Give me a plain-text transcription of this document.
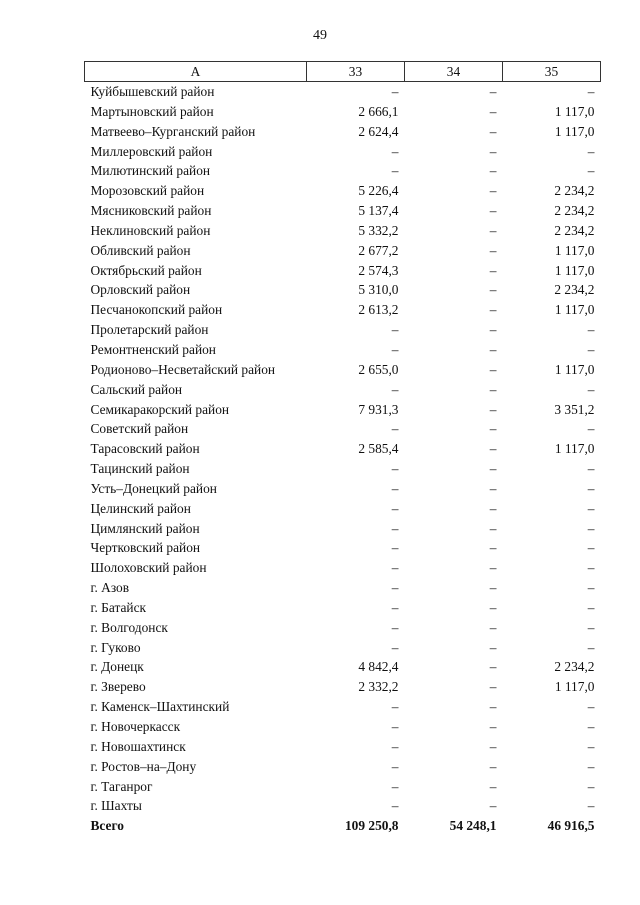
49
А	33	34	35
Куйбышевский район	–	–	–
Мартыновский район	2 666,1	–	1 117,0
Матвеево–Курганский район	2 624,4	–	1 117,0
Миллеровский район	–	–	–
Милютинский район	–	–	–
Морозовский район	5 226,4	–	2 234,2
Мясниковский район	5 137,4	–	2 234,2
Неклиновский район	5 332,2	–	2 234,2
Обливский район	2 677,2	–	1 117,0
Октябрьский район	2 574,3	–	1 117,0
Орловский район	5 310,0	–	2 234,2
Песчанокопский район	2 613,2	–	1 117,0
Пролетарский район	–	–	–
Ремонтненский район	–	–	–
Родионово–Несветайский район	2 655,0	–	1 117,0
Сальский район	–	–	–
Семикаракорский район	7 931,3	–	3 351,2
Советский район	–	–	–
Тарасовский район	2 585,4	–	1 117,0
Тацинский район	–	–	–
Усть–Донецкий район	–	–	–
Целинский район	–	–	–
Цимлянский район	–	–	–
Чертковский район	–	–	–
Шолоховский район	–	–	–
г. Азов	–	–	–
г. Батайск	–	–	–
г. Волгодонск	–	–	–
г. Гуково	–	–	–
г. Донецк	4 842,4	–	2 234,2
г. Зверево	2 332,2	–	1 117,0
г. Каменск–Шахтинский	–	–	–
г. Новочеркасск	–	–	–
г. Новошахтинск	–	–	–
г. Ростов–на–Дону	–	–	–
г. Таганрог	–	–	–
г. Шахты	–	–	–
Всего	109 250,8	54 248,1	46 916,5
